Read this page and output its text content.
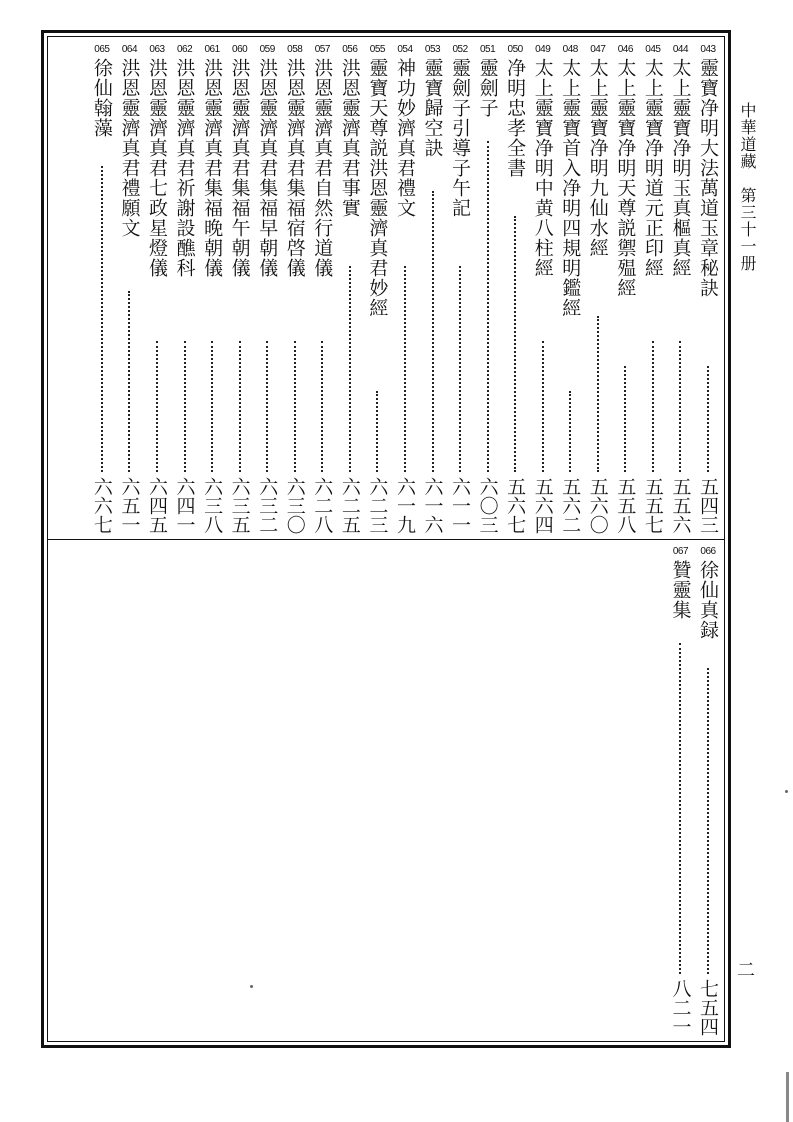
043
靈寶净明大法萬道玉章秘訣
五四三
044
太上靈寶净明玉真樞真經
五五六
045
太上靈寶净明道元正印經
五五七
046
太上靈寶净明天尊説禦殟經
五五八
047
太上靈寶净明九仙水經
五六〇
048
太上靈寶首入净明四規明鑑經
五六二
049
太上靈寶净明中黄八柱經
五六四
050
净明忠孝全書
五六七
051
靈劍子
六〇三
052
靈劍子引導子午記
六一一
053
靈寶歸空訣
六一六
054
神功妙濟真君禮文
六一九
055
靈寶天尊説洪恩靈濟真君妙經
六二三
056
洪恩靈濟真君事實
六二五
057
洪恩靈濟真君自然行道儀
六二八
058
洪恩靈濟真君集福宿啓儀
六三〇
059
洪恩靈濟真君集福早朝儀
六三二
060
洪恩靈濟真君集福午朝儀
六三五
061
洪恩靈濟真君集福晚朝儀
六三八
062
洪恩靈濟真君祈謝設醮科
六四一
063
洪恩靈濟真君七政星燈儀
六四五
064
洪恩靈濟真君禮願文
六五一
065
徐仙翰藻
六六七
066
徐仙真録
七五四
067
贊靈集
八二一
中華道藏　第三十一册
二
